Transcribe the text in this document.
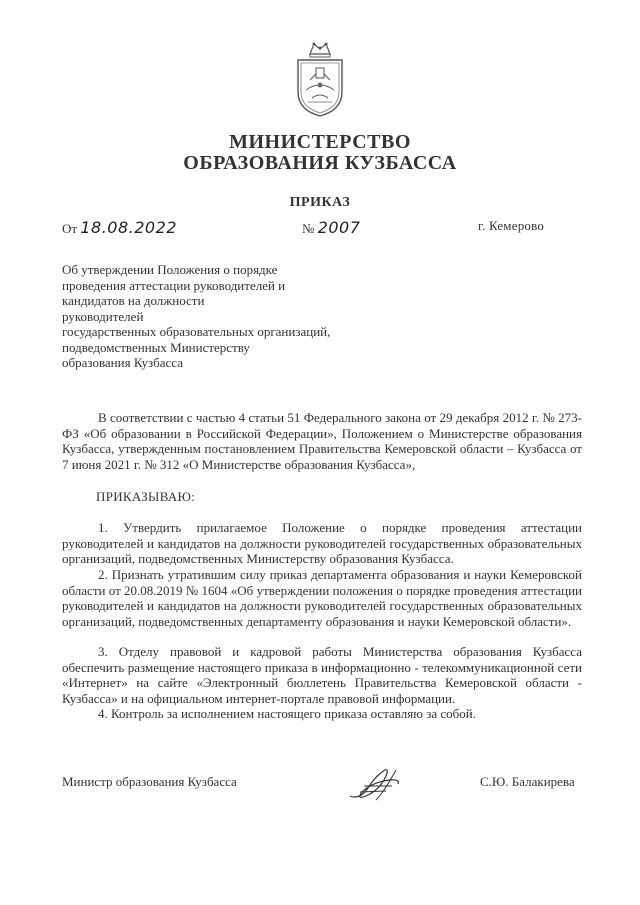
МИНИСТЕРСТВО
ОБРАЗОВАНИЯ КУЗБАССА
ПРИКАЗ
От 18.08.2022	№ 2007	г. Кемерово
Об утверждении Положения о порядке
проведения аттестации руководителей и
кандидатов на должности
руководителей
государственных образовательных организаций,
подведомственных Министерству
образования Кузбасса
В соответствии с частью 4 статьи 51 Федерального закона от 29 декабря 2012 г. № 273-ФЗ «Об образовании в Российской Федерации», Положением о Министерстве образования Кузбасса, утвержденным постановлением Правительства Кемеровской области – Кузбасса от 7 июня 2021 г. № 312 «О Министерстве образования Кузбасса»,
ПРИКАЗЫВАЮ:
1. Утвердить прилагаемое Положение о порядке проведения аттестации руководителей и кандидатов на должности руководителей государственных образовательных организаций, подведомственных Министерству образования Кузбасса.
2. Признать утратившим силу приказ департамента образования и науки Кемеровской области от 20.08.2019 № 1604 «Об утверждении положения о порядке проведения аттестации руководителей и кандидатов на должности руководителей государственных образовательных организаций, подведомственных департаменту образования и науки Кемеровской области».
3. Отделу правовой и кадровой работы Министерства образования Кузбасса обеспечить размещение настоящего приказа в информационно - телекоммуникационной сети «Интернет» на сайте «Электронный бюллетень Правительства Кемеровской области - Кузбасса» и на официальном интернет-портале правовой информации.
4. Контроль за исполнением настоящего приказа оставляю за собой.
Министр образования Кузбасса	С.Ю. Балакирева
